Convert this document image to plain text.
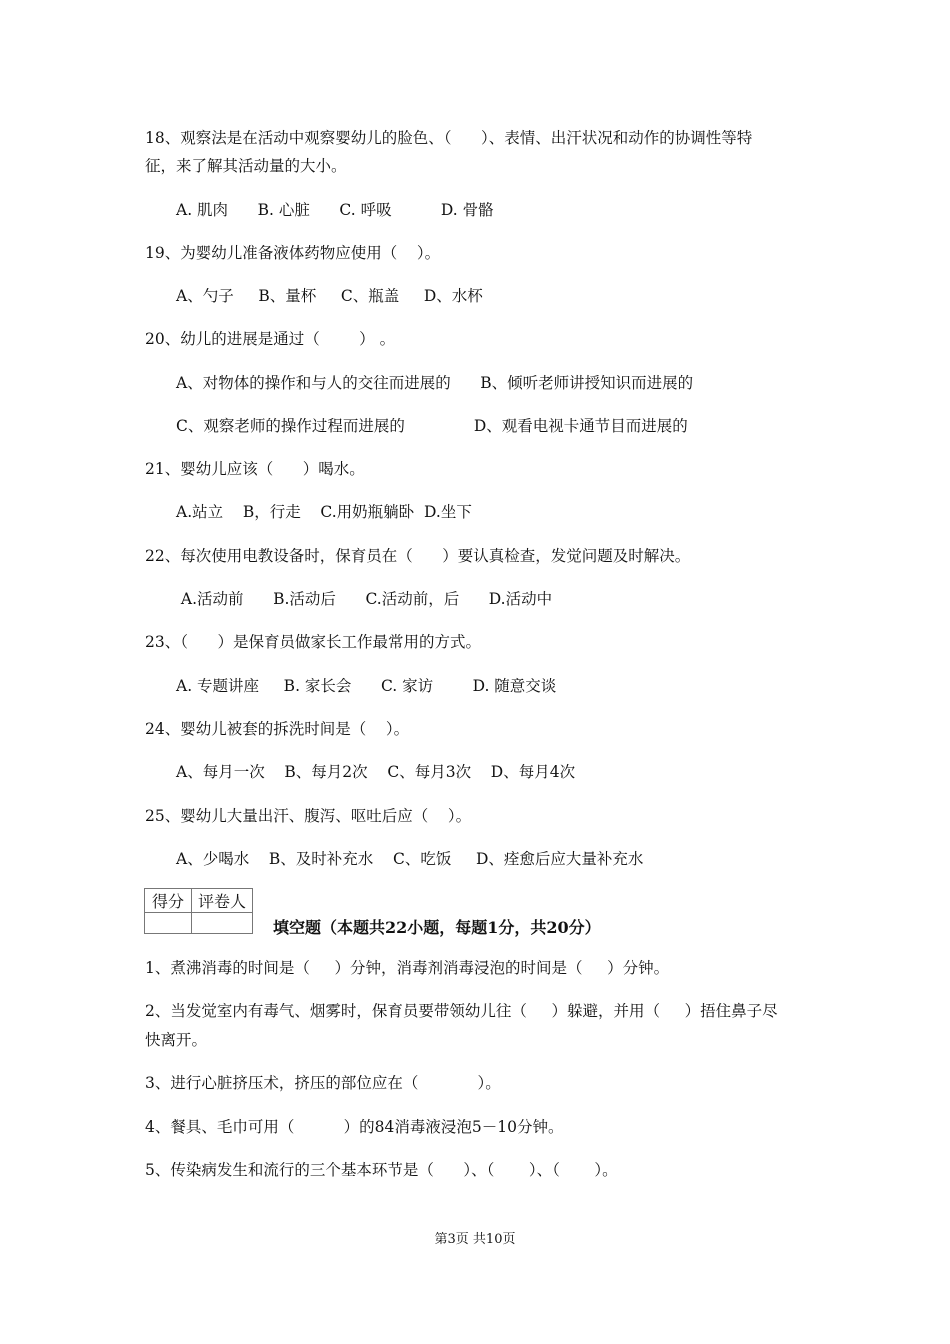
18、观察法是在活动中观察婴幼儿的脸色、（      ）、表情、出汗状况和动作的协调性等特
征，来了解其活动量的大小。
A. 肌肉      B. 心脏      C. 呼吸          D. 骨骼
19、为婴幼儿准备液体药物应使用（    ）。
A、勺子     B、量杯     C、瓶盖     D、水杯
20、幼儿的进展是通过（        ） 。
A、对物体的操作和与人的交往而进展的      B、倾听老师讲授知识而进展的
C、观察老师的操作过程而进展的              D、观看电视卡通节目而进展的
21、婴幼儿应该（      ）喝水。
A.站立    B，行走    C.用奶瓶躺卧  D.坐下
22、每次使用电教设备时，保育员在（      ）要认真检查，发觉问题及时解决。
A.活动前      B.活动后      C.活动前，后      D.活动中
23、（      ）是保育员做家长工作最常用的方式。
A. 专题讲座     B. 家长会      C. 家访        D. 随意交谈
24、婴幼儿被套的拆洗时间是（    ）。
A、每月一次    B、每月2次    C、每月3次    D、每月4次
25、婴幼儿大量出汗、腹泻、呕吐后应（    ）。
A、少喝水    B、及时补充水    C、吃饭     D、痊愈后应大量补充水
得分	评卷人

填空题（本题共22小题，每题1分，共20分）
1、煮沸消毒的时间是（     ）分钟，消毒剂消毒浸泡的时间是（     ）分钟。
2、当发觉室内有毒气、烟雾时，保育员要带领幼儿往（     ）躲避，并用（     ）捂住鼻子尽
快离开。
3、进行心脏挤压术，挤压的部位应在（            ）。
4、餐具、毛巾可用（          ）的84消毒液浸泡5－10分钟。
5、传染病发生和流行的三个基本环节是（      ）、（       ）、（       ）。
第3页 共10页
